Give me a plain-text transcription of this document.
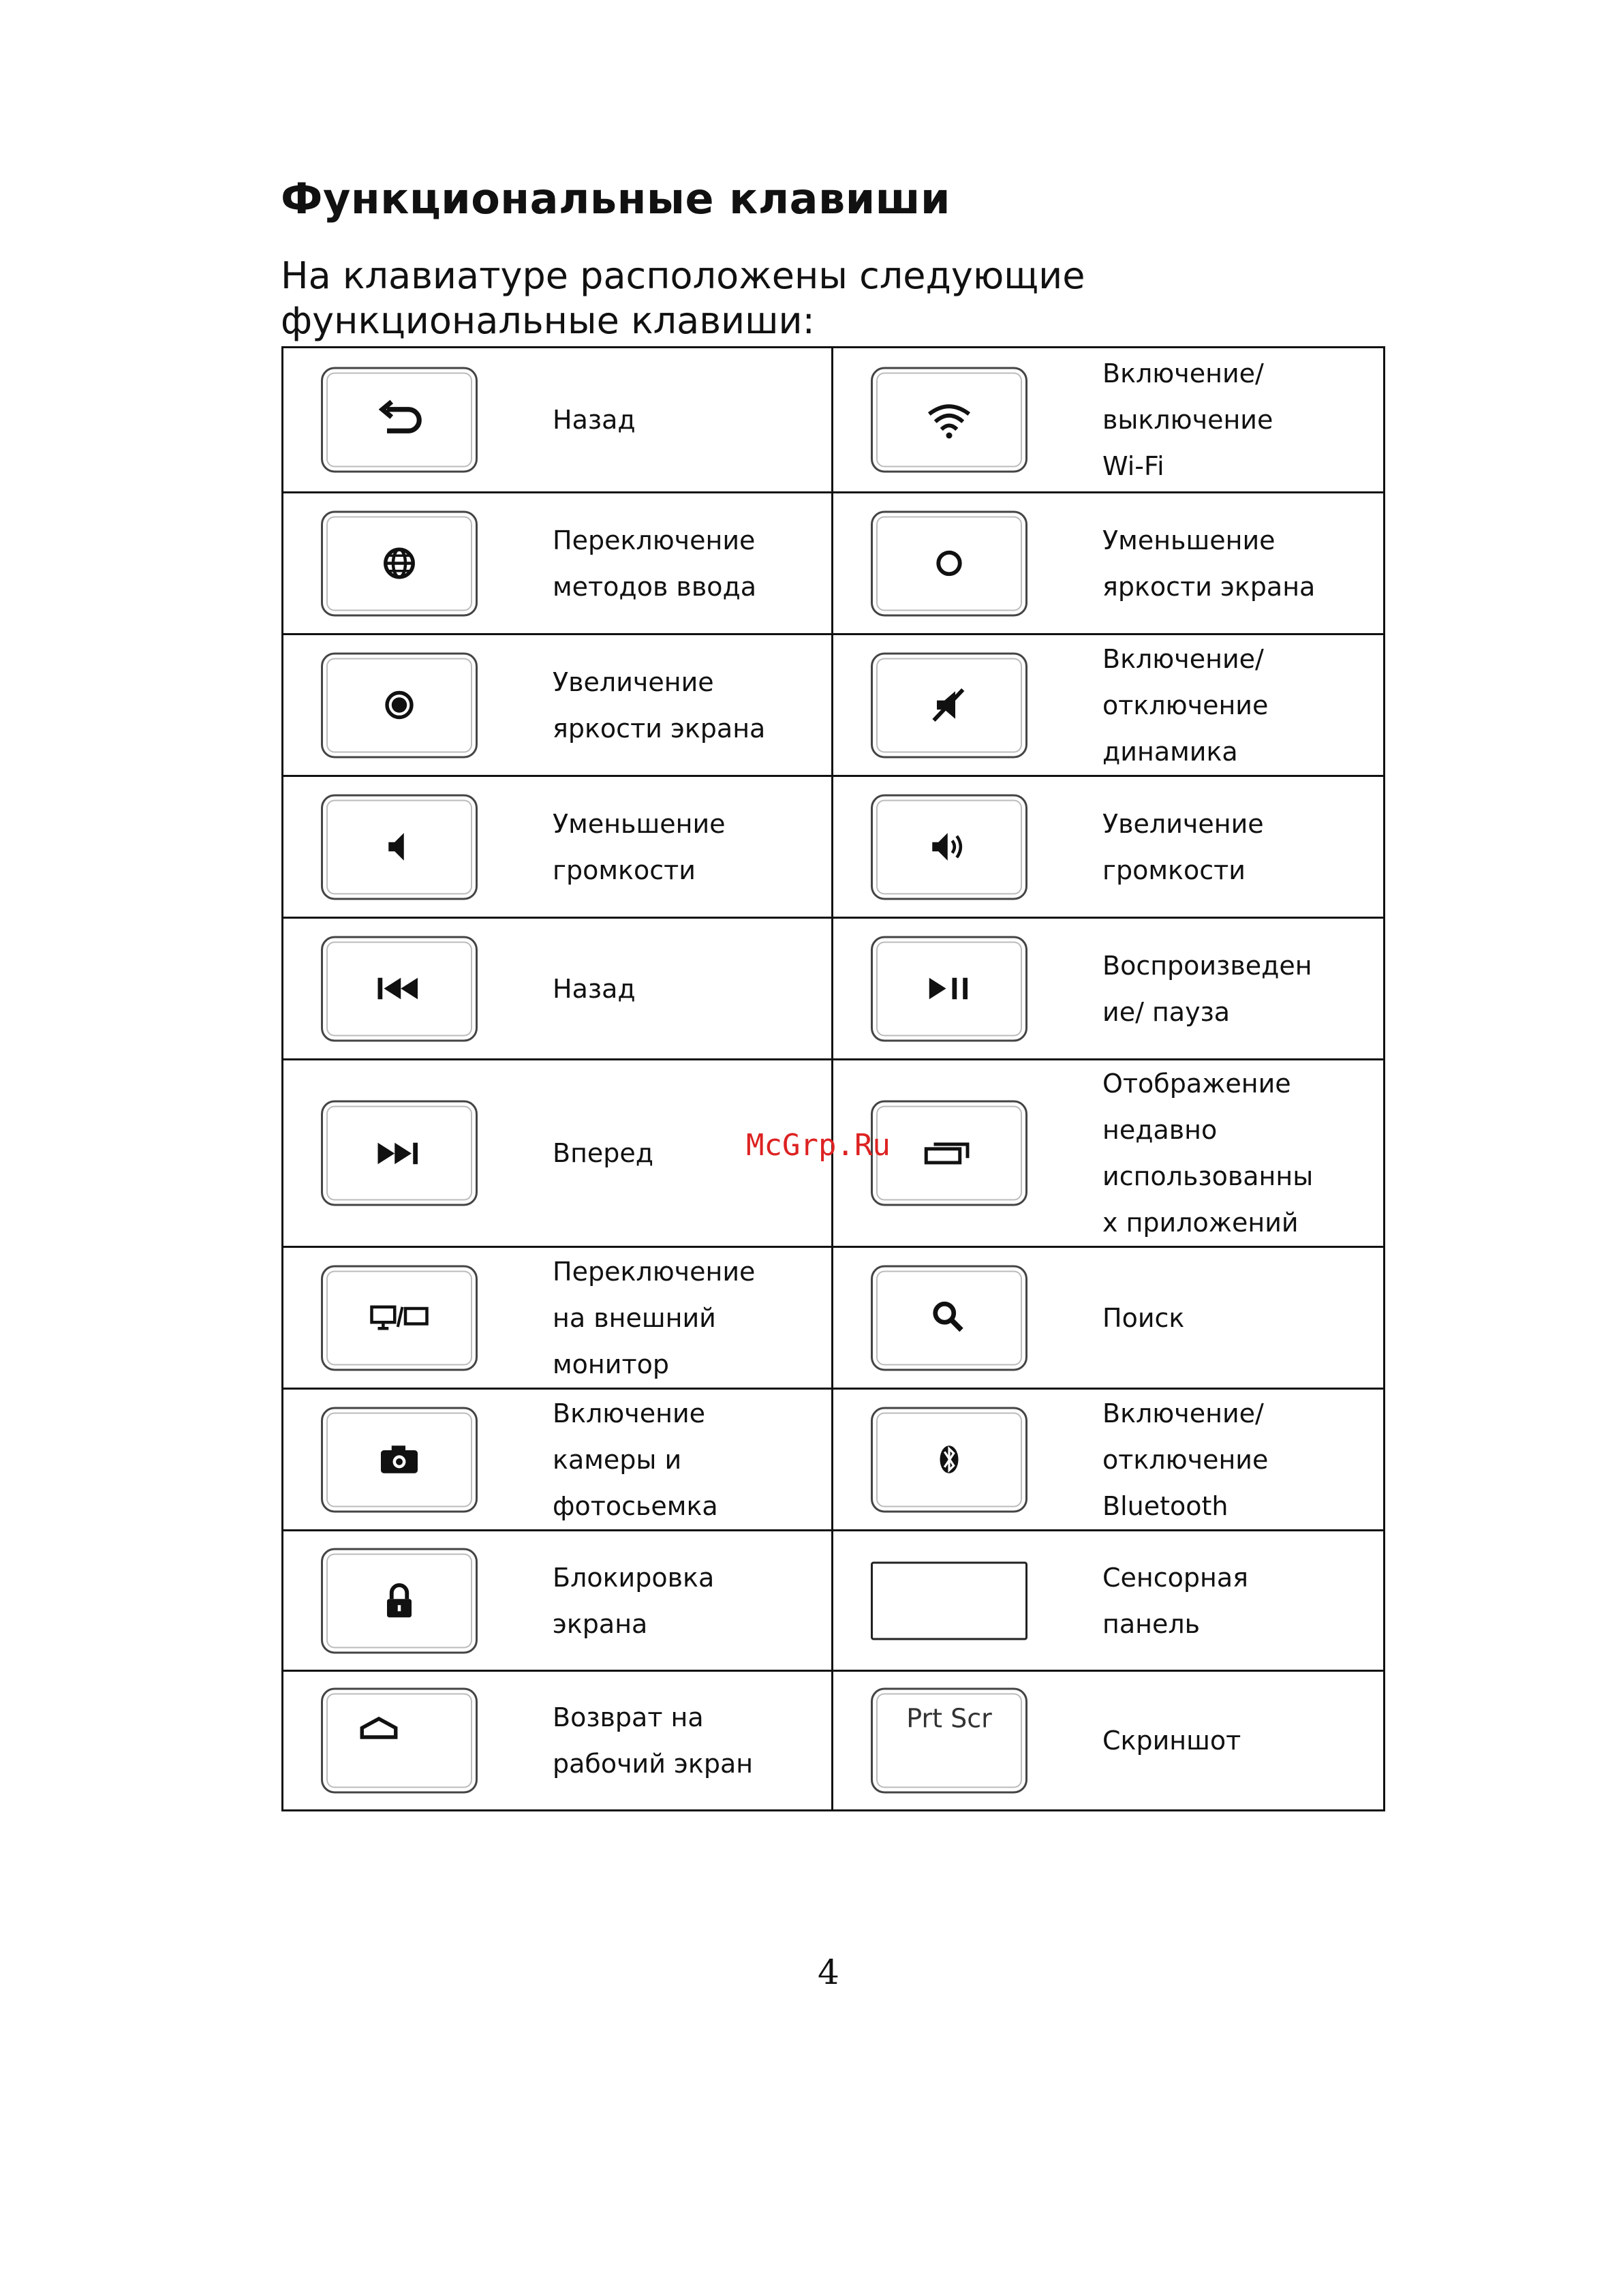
Функциональные клавиши
На клавиатуре расположены следующие
функциональные клавиши:
Назад
Включение/
выключение
Wi-Fi
Переключение
методов ввода
Уменьшение
яркости экрана
Увеличение
яркости экрана
Включение/
отключение
динамика
Уменьшение
громкости
Увеличение
громкости
Назад
Воспроизведен
ие/ пауза
Вперед
Отображение
недавно
использованны
х приложений
Переключение
на внешний
монитор
Поиск
Включение
камеры и
фотосьемка
Включение/
отключение
Bluetooth
Блокировка
экрана
Сенсорная
панель
Возврат на
рабочий экран
Prt Scr
Скриншот
McGrp.Ru
4
